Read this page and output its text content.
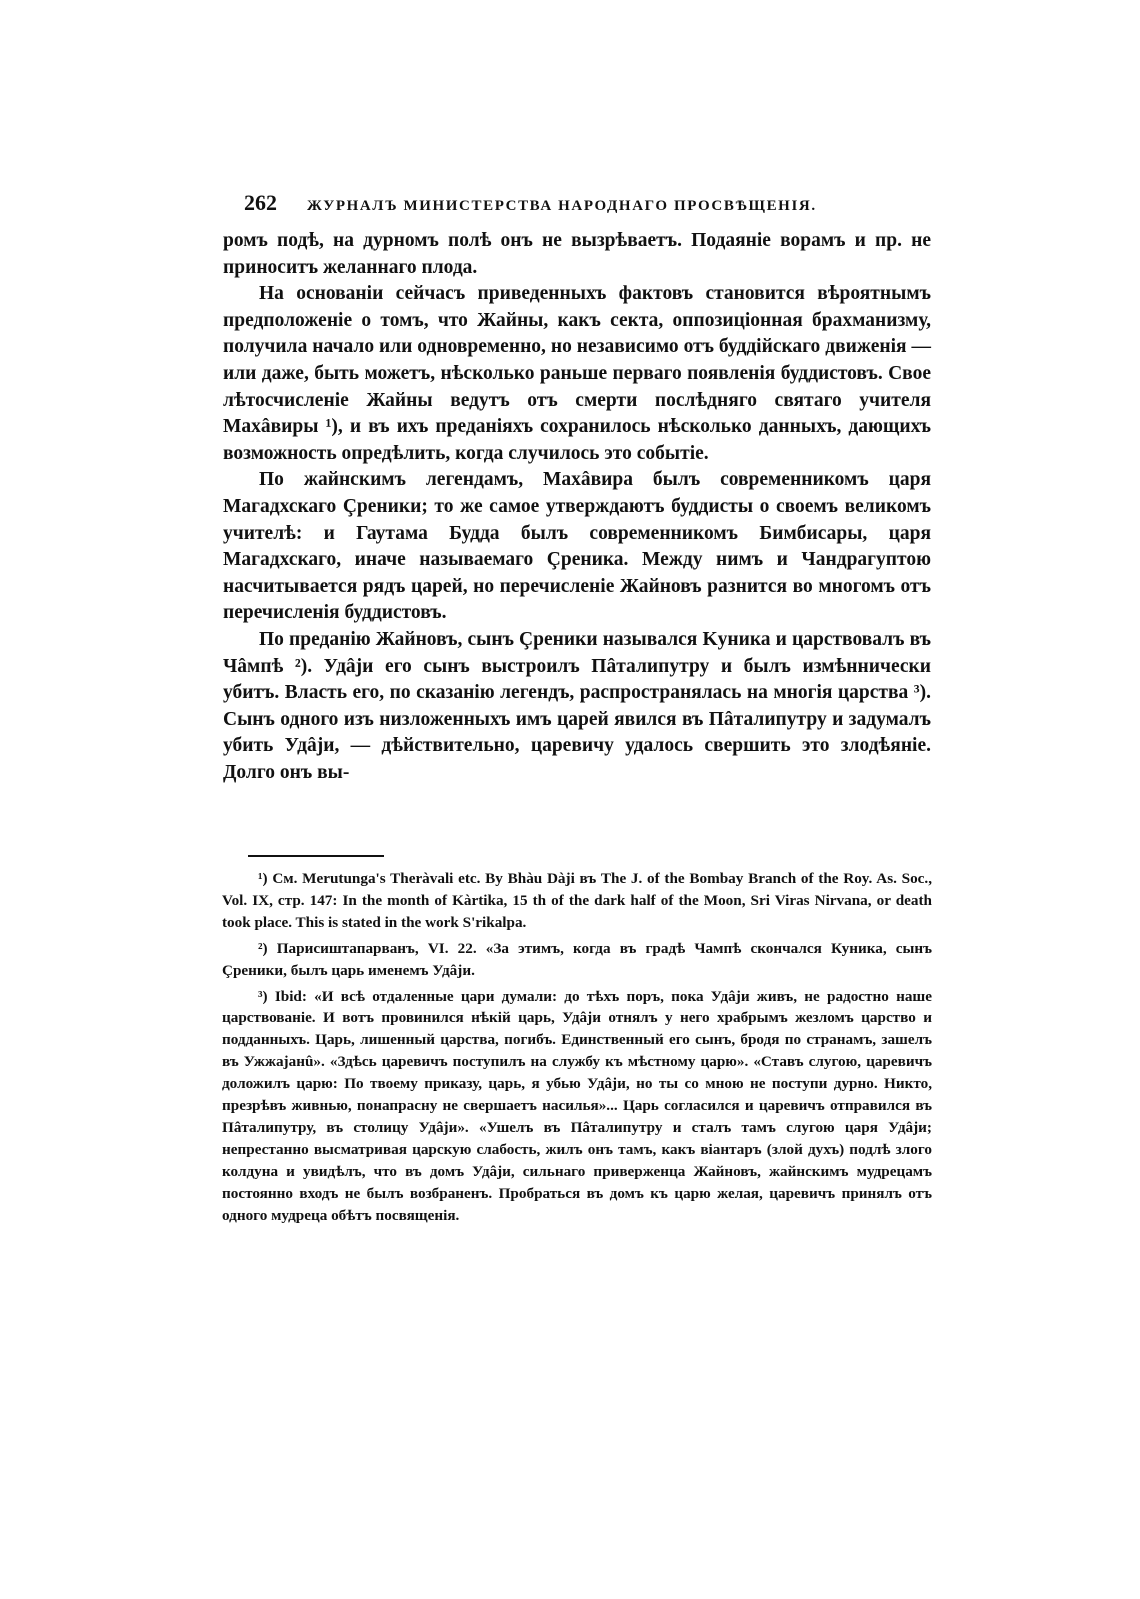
262 ЖУРНАЛЪ МИНИСТЕРСТВА НАРОДНАГО ПРОСВѢЩЕНІЯ.

ромъ подѣ, на дурномъ полѣ онъ не вызрѣваетъ. Подаяніе ворамъ и пр. не приноситъ желаннаго плода.

На основаніи сейчасъ приведенныхъ фактовъ становится вѣроятнымъ предположеніе о томъ, что Жайны, какъ секта, оппозиціонная брахманизму, получила начало или одновременно, но независимо отъ буддійскаго движенія — или даже, быть можетъ, нѣсколько раньше перваго появленія буддистовъ. Свое лѣтосчисленіе Жайны ведутъ отъ смерти послѣдняго святаго учителя Махâвиры ¹), и въ ихъ преданіяхъ сохранилось нѣсколько данныхъ, дающихъ возможность опредѣлить, когда случилось это событіе.

По жайнскимъ легендамъ, Махâвира былъ современникомъ царя Магадхскаго Çреники; то же самое утверждаютъ буддисты о своемъ великомъ учителѣ: и Гаутама Будда былъ современникомъ Бимбисары, царя Магадхскаго, иначе называемаго Çреника. Между нимъ и Чандрагуптою насчитывается рядъ царей, но перечисленіе Жайновъ разнится во многомъ отъ перечисленія буддистовъ.

По преданію Жайновъ, сынъ Çреники назывался Kуника и царствовалъ въ Чâмпѣ ²). Удâjи его сынъ выстроилъ Пâталипутру и былъ измѣннически убитъ. Власть его, по сказанію легендъ, распространялась на многія царства ³). Сынъ одного изъ низложенныхъ имъ царей явился въ Пâталипутру и задумалъ убить Удâjи, — дѣйствительно, царевичу удалось свершить это злодѣяніе. Долго онъ вы-

¹) См. Merutunga's Theràvali etc. By Bhàu Dàji въ The J. of the Bombay Branch of the Roy. As. Soc., Vol. IX, стр. 147: In the month of Kàrtika, 15 th of the dark half of the Moon, Sri Viras Nirvana, or death took place. This is stated in the work S'rikalpa.

²) Парисиштапарванъ, VI. 22. «За этимъ, когда въ градѣ Чампѣ скончался Куника, сынъ Çреники, былъ царь именемъ Удâjи.

³) Ibid: «И всѣ отдаленные цари думали: до тѣхъ поръ, пока Удâjи живъ, не радостно наше царствованіе. И вотъ провинился нѣкій царь, Удâjи отнялъ у него храбрымъ жезломъ царство и подданныхъ. Царь, лишенный царства, погибъ. Единственный его сынъ, бродя по странамъ, зашелъ въ Ужжаjанû». «Здѣсь царевичъ поступилъ на службу къ мѣстному царю». «Ставъ слугою, царевичъ доложилъ царю: По твоему приказу, царь, я убью Удâjи, но ты со мною не поступи дурно. Никто, презрѣвъ живнью, понапрасну не свершаетъ насилья»... Царь согласился и царевичъ отправился въ Пâталипутру, въ столицу Удâjи». «Ушелъ въ Пâталипутру и сталъ тамъ слугою царя Удâjи; непрестанно высматривая царскую слабость, жилъ онъ тамъ, какъ віантаръ (злой духъ) подлѣ злого колдуна и увидѣлъ, что въ домъ Удâjи, сильнаго приверженца Жайновъ, жайнскимъ мудрецамъ постоянно входъ не былъ возбраненъ. Пробраться въ домъ къ царю желая, царевичъ принялъ отъ одного мудреца обѣтъ посвященія.
